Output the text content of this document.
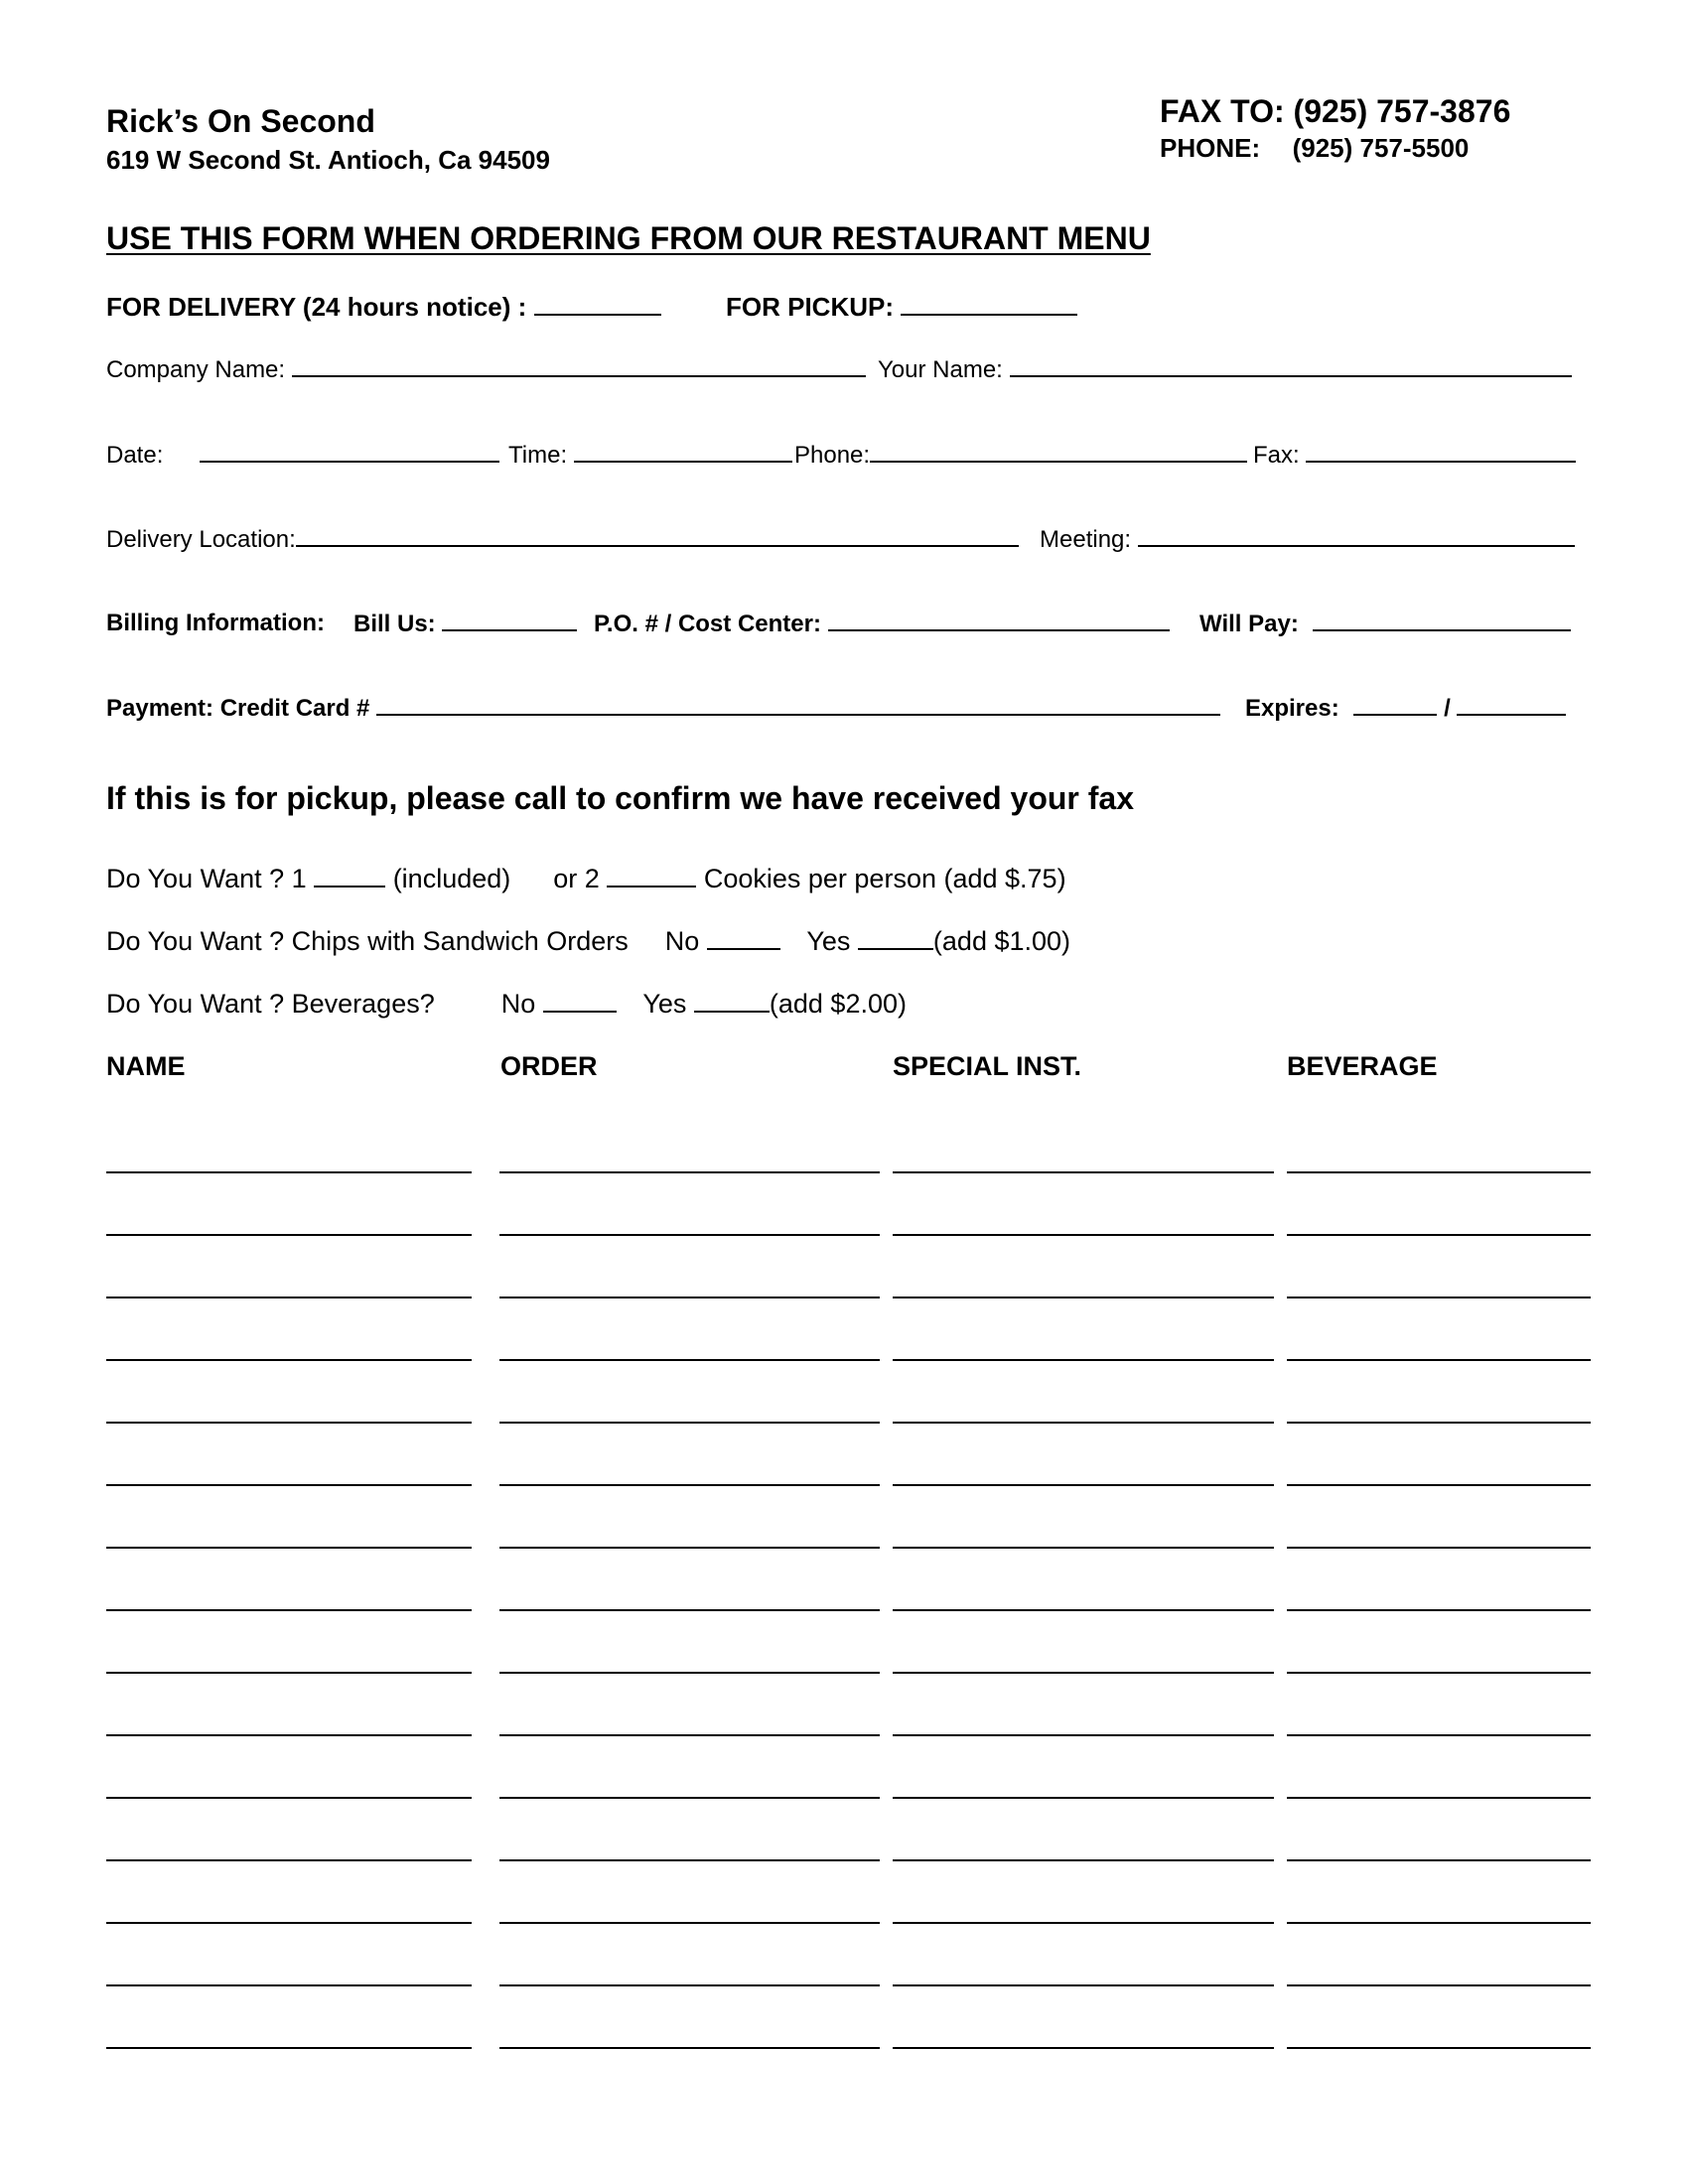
Rick’s On Second
619 W Second St. Antioch, Ca 94509
FAX TO: (925) 757-3876
PHONE: (925) 757-5500
USE THIS FORM WHEN ORDERING FROM OUR RESTAURANT MENU
FOR DELIVERY (24 hours notice) :	FOR PICKUP:
Company Name:	Your Name:
Date:	Time:	Phone:	Fax:
Delivery Location:	Meeting:
Billing Information: Bill Us:	P.O. # / Cost Center:	Will Pay:
Payment: Credit Card #	Expires:	/
If this is for pickup, please call to confirm we have received your fax
Do You Want ? 1	(included) or 2	Cookies per person (add $.75)
Do You Want ? Chips with Sandwich Orders No	Yes	(add $1.00)
Do You Want ? Beverages? No	Yes	(add $2.00)
NAME	ORDER	SPECIAL INST.	BEVERAGE
